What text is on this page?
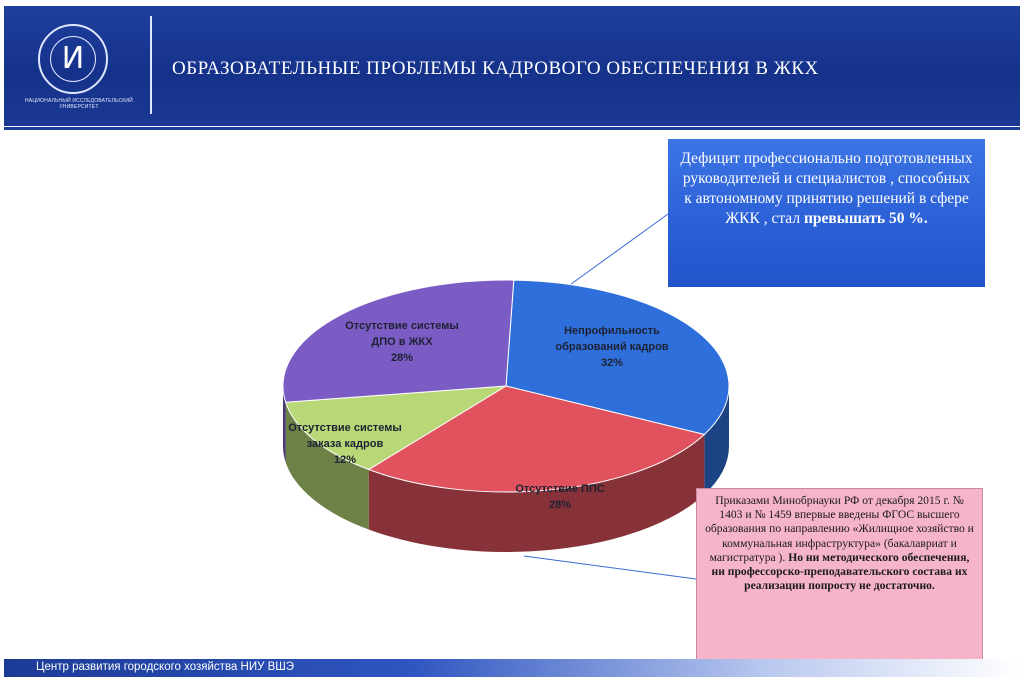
Ͷ
НАЦИОНАЛЬНЫЙ ИССЛЕДОВАТЕЛЬСКИЙ УНИВЕРСИТЕТ
ОБРАЗОВАТЕЛЬНЫЕ ПРОБЛЕМЫ КАДРОВОГО ОБЕСПЕЧЕНИЯ В ЖКХ
Непрофильность
образований кадров
32%
Отсутствие ППС
28%
Отсутствие системы
заказа кадров
12%
Отсутствие системы
ДПО в ЖКХ
28%
Дефицит профессионально подготовленных руководителей и специалистов , способных к автономному принятию решений в сфере ЖКК , стал превышать 50 %.
Приказами Минобрнауки РФ от декабря 2015 г. № 1403 и № 1459 впервые введены ФГОС высшего образования по направлению «Жилищное хозяйство и коммунальная инфраструктура» (бакалавриат и магистратура ). Но ни методического обеспечения, ни профессорско-преподавательского состава их реализации попросту не достаточно.
Центр развития городского хозяйства НИУ ВШЭ
